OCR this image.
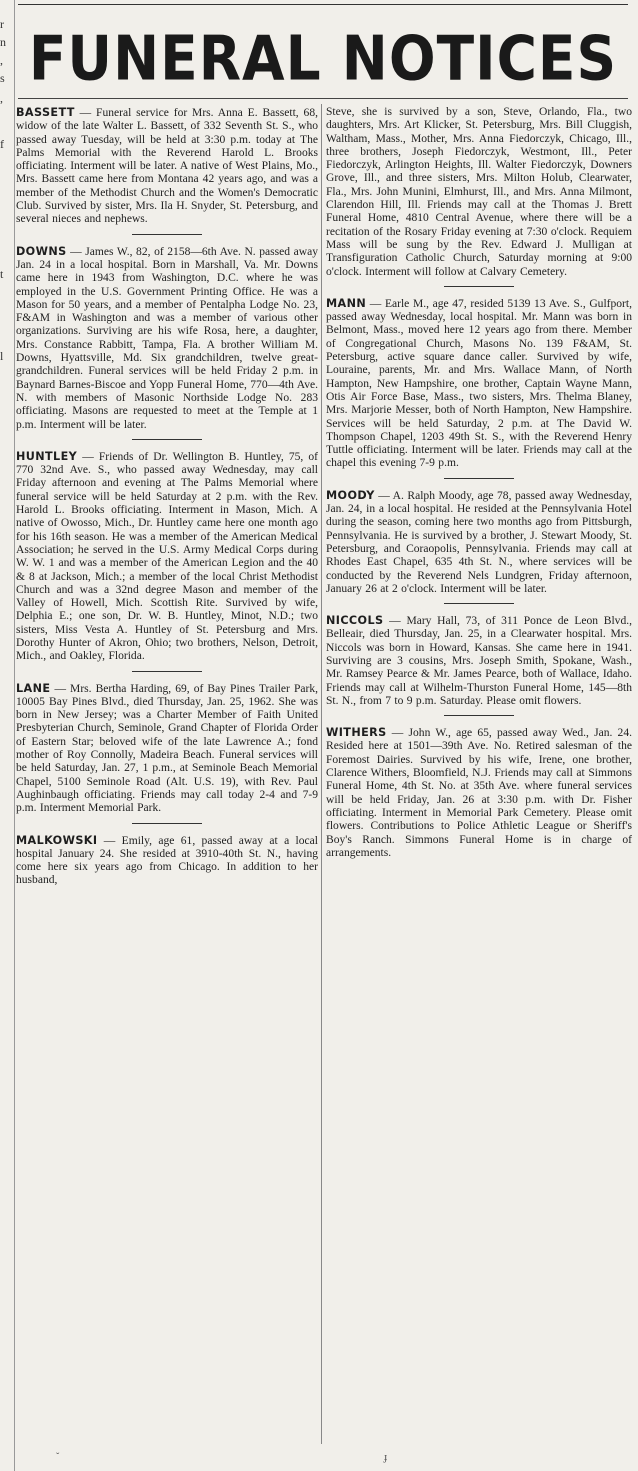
r
n
,
s
,
f
t
l
FUNERAL NOTICES

BASSETT — Funeral service for Mrs. Anna E. Bassett, 68, widow of the late Walter L. Bassett, of 332 Seventh St. S., who passed away Tuesday, will be held at 3:30 p.m. today at The Palms Memorial with the Reverend Harold L. Brooks officiating. Interment will be later. A native of West Plains, Mo., Mrs. Bassett came here from Montana 42 years ago, and was a member of the Methodist Church and the Women's Democratic Club. Survived by sister, Mrs. Ila H. Snyder, St. Petersburg, and several nieces and nephews.

DOWNS — James W., 82, of 2158—6th Ave. N. passed away Jan. 24 in a local hospital. Born in Marshall, Va. Mr. Downs came here in 1943 from Washington, D.C. where he was employed in the U.S. Government Printing Office. He was a Mason for 50 years, and a member of Pentalpha Lodge No. 23, F&AM in Washington and was a member of various other organizations. Surviving are his wife Rosa, here, a daughter, Mrs. Constance Rabbitt, Tampa, Fla. A brother William M. Downs, Hyattsville, Md. Six grandchildren, twelve great-grandchildren. Funeral services will be held Friday 2 p.m. in Baynard Barnes-Biscoe and Yopp Funeral Home, 770—4th Ave. N. with members of Masonic Northside Lodge No. 283 officiating. Masons are requested to meet at the Temple at 1 p.m. Interment will be later.

HUNTLEY — Friends of Dr. Wellington B. Huntley, 75, of 770 32nd Ave. S., who passed away Wednesday, may call Friday afternoon and evening at The Palms Memorial where funeral service will be held Saturday at 2 p.m. with the Rev. Harold L. Brooks officiating. Interment in Mason, Mich. A native of Owosso, Mich., Dr. Huntley came here one month ago for his 16th season. He was a member of the American Medical Association; he served in the U.S. Army Medical Corps during W. W. 1 and was a member of the American Legion and the 40 & 8 at Jackson, Mich.; a member of the local Christ Methodist Church and was a 32nd degree Mason and member of the Valley of Howell, Mich. Scottish Rite. Survived by wife, Delphia E.; one son, Dr. W. B. Huntley, Minot, N.D.; two sisters, Miss Vesta A. Huntley of St. Petersburg and Mrs. Dorothy Hunter of Akron, Ohio; two brothers, Nelson, Detroit, Mich., and Oakley, Florida.

LANE — Mrs. Bertha Harding, 69, of Bay Pines Trailer Park, 10005 Bay Pines Blvd., died Thursday, Jan. 25, 1962. She was born in New Jersey; was a Charter Member of Faith United Presbyterian Church, Seminole, Grand Chapter of Florida Order of Eastern Star; beloved wife of the late Lawrence A.; fond mother of Roy Connolly, Madeira Beach. Funeral services will be held Saturday, Jan. 27, 1 p.m., at Seminole Beach Memorial Chapel, 5100 Seminole Road (Alt. U.S. 19), with Rev. Paul Aughinbaugh officiating. Friends may call today 2-4 and 7-9 p.m. Interment Memorial Park.

MALKOWSKI — Emily, age 61, passed away at a local hospital January 24. She resided at 3910-40th St. N., having come here six years ago from Chicago. In addition to her husband,

Steve, she is survived by a son, Steve, Orlando, Fla., two daughters, Mrs. Art Klicker, St. Petersburg, Mrs. Bill Cluggish, Waltham, Mass., Mother, Mrs. Anna Fiedorczyk, Chicago, Ill., three brothers, Joseph Fiedorczyk, Westmont, Ill., Peter Fiedorczyk, Arlington Heights, Ill. Walter Fiedorczyk, Downers Grove, Ill., and three sisters, Mrs. Milton Holub, Clearwater, Fla., Mrs. John Munini, Elmhurst, Ill., and Mrs. Anna Milmont, Clarendon Hill, Ill. Friends may call at the Thomas J. Brett Funeral Home, 4810 Central Avenue, where there will be a recitation of the Rosary Friday evening at 7:30 o'clock. Requiem Mass will be sung by the Rev. Edward J. Mulligan at Transfiguration Catholic Church, Saturday morning at 9:00 o'clock. Interment will follow at Calvary Cemetery.

MANN — Earle M., age 47, resided 5139 13 Ave. S., Gulfport, passed away Wednesday, local hospital. Mr. Mann was born in Belmont, Mass., moved here 12 years ago from there. Member of Congregational Church, Masons No. 139 F&AM, St. Petersburg, active square dance caller. Survived by wife, Louraine, parents, Mr. and Mrs. Wallace Mann, of North Hampton, New Hampshire, one brother, Captain Wayne Mann, Otis Air Force Base, Mass., two sisters, Mrs. Thelma Blaney, Mrs. Marjorie Messer, both of North Hampton, New Hampshire. Services will be held Saturday, 2 p.m. at The David W. Thompson Chapel, 1203 49th St. S., with the Reverend Henry Tuttle officiating. Interment will be later. Friends may call at the chapel this evening 7-9 p.m.

MOODY — A. Ralph Moody, age 78, passed away Wednesday, Jan. 24, in a local hospital. He resided at the Pennsylvania Hotel during the season, coming here two months ago from Pittsburgh, Pennsylvania. He is survived by a brother, J. Stewart Moody, St. Petersburg, and Coraopolis, Pennsylvania. Friends may call at Rhodes East Chapel, 635 4th St. N., where services will be conducted by the Reverend Nels Lundgren, Friday afternoon, January 26 at 2 o'clock. Interment will be later.

NICCOLS — Mary Hall, 73, of 311 Ponce de Leon Blvd., Belleair, died Thursday, Jan. 25, in a Clearwater hospital. Mrs. Niccols was born in Howard, Kansas. She came here in 1941. Surviving are 3 cousins, Mrs. Joseph Smith, Spokane, Wash., Mr. Ramsey Pearce & Mr. James Pearce, both of Wallace, Idaho. Friends may call at Wilhelm-Thurston Funeral Home, 145—8th St. N., from 7 to 9 p.m. Saturday. Please omit flowers.

WITHERS — John W., age 65, passed away Wed., Jan. 24. Resided here at 1501—39th Ave. No. Retired salesman of the Foremost Dairies. Survived by his wife, Irene, one brother, Clarence Withers, Bloomfield, N.J. Friends may call at Simmons Funeral Home, 4th St. No. at 35th Ave. where funeral services will be held Friday, Jan. 26 at 3:30 p.m. with Dr. Fisher officiating. Interment in Memorial Park Cemetery. Please omit flowers. Contributions to Police Athletic League or Sheriff's Boy's Ranch. Simmons Funeral Home is in charge of arrangements.

ˇ	ɟ
